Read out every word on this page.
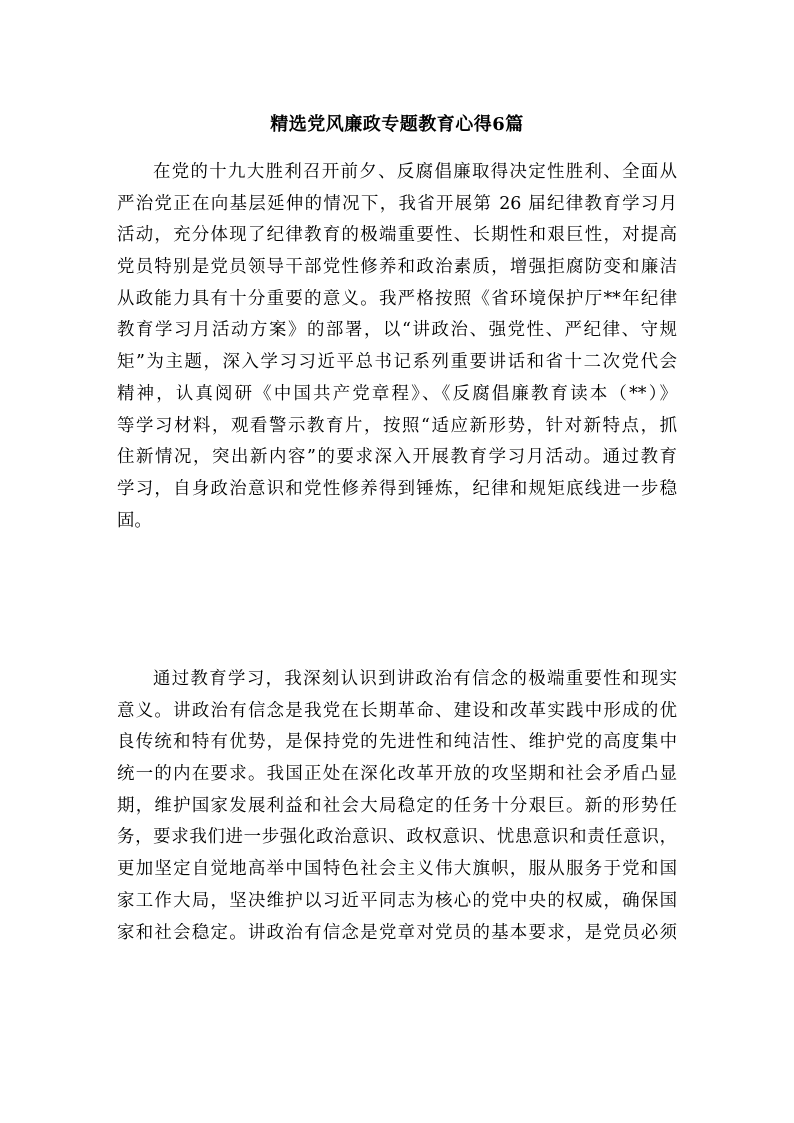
精选党风廉政专题教育心得6篇
在党的十九大胜利召开前夕、反腐倡廉取得决定性胜利、全面从
严治党正在向基层延伸的情况下，我省开展第 26 届纪律教育学习月
活动，充分体现了纪律教育的极端重要性、长期性和艰巨性，对提高
党员特别是党员领导干部党性修养和政治素质，增强拒腐防变和廉洁
从政能力具有十分重要的意义。我严格按照《省环境保护厅**年纪律
教育学习月活动方案》的部署，以“讲政治、强党性、严纪律、守规
矩”为主题，深入学习习近平总书记系列重要讲话和省十二次党代会
精神，认真阅研《中国共产党章程》、《反腐倡廉教育读本（**）》
等学习材料，观看警示教育片，按照“适应新形势，针对新特点，抓
住新情况，突出新内容”的要求深入开展教育学习月活动。通过教育
学习，自身政治意识和党性修养得到锤炼，纪律和规矩底线进一步稳
固。
通过教育学习，我深刻认识到讲政治有信念的极端重要性和现实
意义。讲政治有信念是我党在长期革命、建设和改革实践中形成的优
良传统和特有优势，是保持党的先进性和纯洁性、维护党的高度集中
统一的内在要求。我国正处在深化改革开放的攻坚期和社会矛盾凸显
期，维护国家发展利益和社会大局稳定的任务十分艰巨。新的形势任
务，要求我们进一步强化政治意识、政权意识、忧患意识和责任意识，
更加坚定自觉地高举中国特色社会主义伟大旗帜，服从服务于党和国
家工作大局，坚决维护以习近平同志为核心的党中央的权威，确保国
家和社会稳定。讲政治有信念是党章对党员的基本要求，是党员必须
